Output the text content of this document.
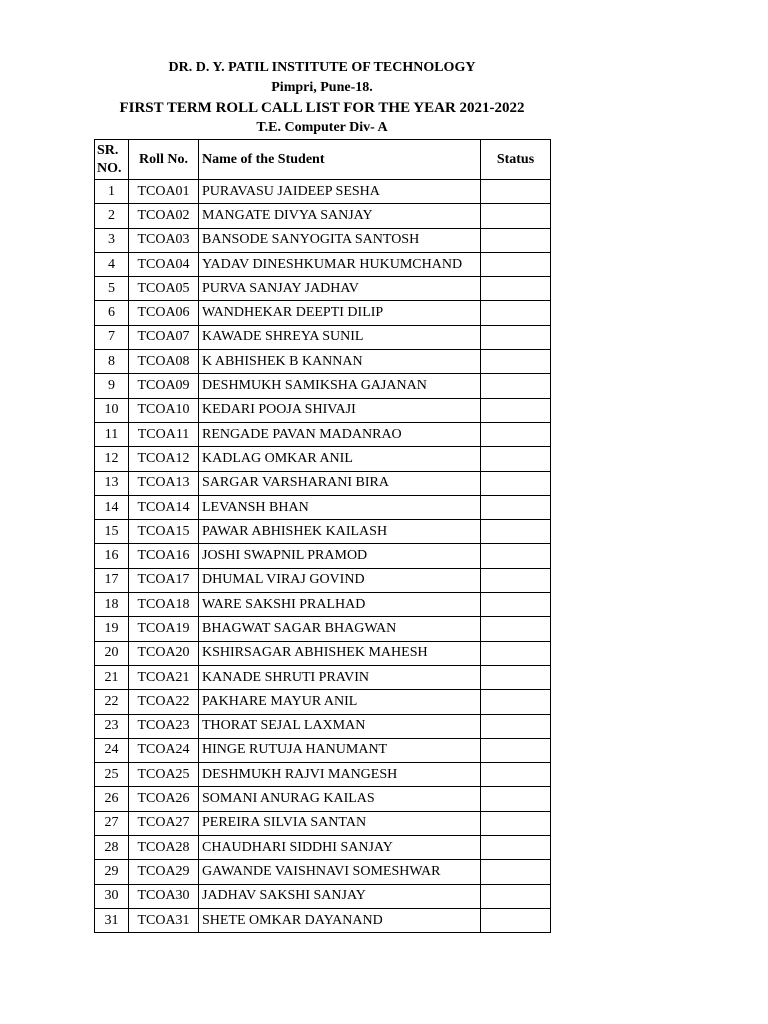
DR. D. Y. PATIL INSTITUTE OF TECHNOLOGY
Pimpri, Pune-18.
FIRST TERM ROLL CALL LIST FOR THE YEAR 2021-2022
T.E. Computer Div- A
SR.
NO.	Roll No.	Name of the Student	Status
1	TCOA01	PURAVASU JAIDEEP SESHA	
2	TCOA02	MANGATE DIVYA SANJAY	
3	TCOA03	BANSODE SANYOGITA SANTOSH	
4	TCOA04	YADAV DINESHKUMAR HUKUMCHAND	
5	TCOA05	PURVA SANJAY JADHAV	
6	TCOA06	WANDHEKAR DEEPTI DILIP	
7	TCOA07	KAWADE SHREYA SUNIL	
8	TCOA08	K ABHISHEK B KANNAN	
9	TCOA09	DESHMUKH SAMIKSHA GAJANAN	
10	TCOA10	KEDARI POOJA SHIVAJI	
11	TCOA11	RENGADE PAVAN MADANRAO	
12	TCOA12	KADLAG OMKAR ANIL	
13	TCOA13	SARGAR VARSHARANI BIRA	
14	TCOA14	LEVANSH BHAN	
15	TCOA15	PAWAR ABHISHEK KAILASH	
16	TCOA16	JOSHI SWAPNIL PRAMOD	
17	TCOA17	DHUMAL VIRAJ GOVIND	
18	TCOA18	WARE SAKSHI PRALHAD	
19	TCOA19	BHAGWAT SAGAR BHAGWAN	
20	TCOA20	KSHIRSAGAR ABHISHEK MAHESH	
21	TCOA21	KANADE SHRUTI PRAVIN	
22	TCOA22	PAKHARE MAYUR ANIL	
23	TCOA23	THORAT SEJAL LAXMAN	
24	TCOA24	HINGE RUTUJA HANUMANT	
25	TCOA25	DESHMUKH RAJVI MANGESH	
26	TCOA26	SOMANI ANURAG KAILAS	
27	TCOA27	PEREIRA SILVIA SANTAN	
28	TCOA28	CHAUDHARI SIDDHI SANJAY	
29	TCOA29	GAWANDE VAISHNAVI SOMESHWAR	
30	TCOA30	JADHAV SAKSHI SANJAY	
31	TCOA31	SHETE OMKAR DAYANAND	
